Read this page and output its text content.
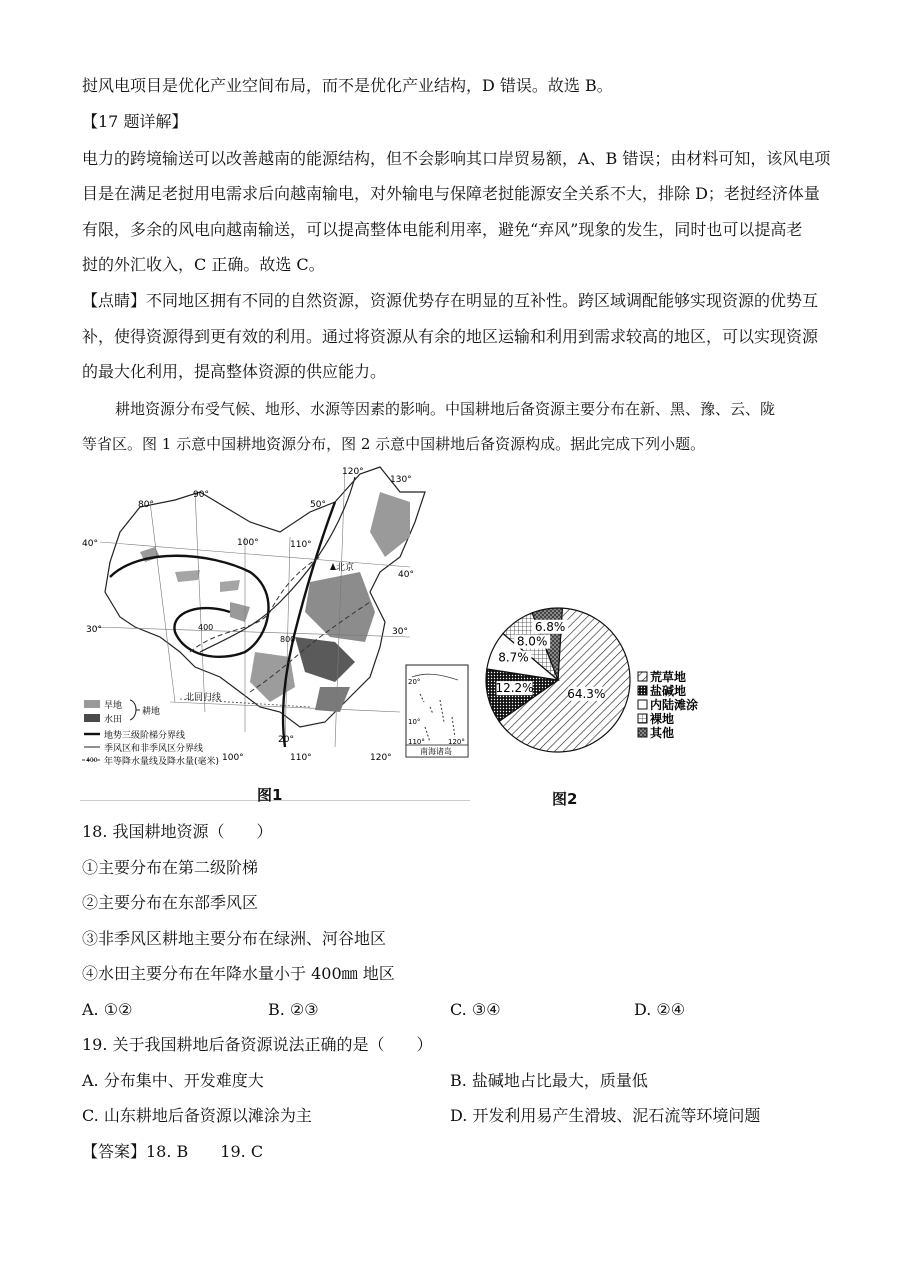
挝风电项目是优化产业空间布局，而不是优化产业结构，D 错误。故选 B。
【17 题详解】
电力的跨境输送可以改善越南的能源结构，但不会影响其口岸贸易额，A、B 错误；由材料可知，该风电项
目是在满足老挝用电需求后向越南输电，对外输电与保障老挝能源安全关系不大，排除 D；老挝经济体量
有限，多余的风电向越南输送，可以提高整体电能利用率，避免“弃风”现象的发生，同时也可以提高老
挝的外汇收入，C 正确。故选 C。
【点睛】不同地区拥有不同的自然资源，资源优势存在明显的互补性。跨区域调配能够实现资源的优势互
补，使得资源得到更有效的利用。通过将资源从有余的地区运输和利用到需求较高的地区，可以实现资源
的最大化利用，提高整体资源的供应能力。
耕地资源分布受气候、地形、水源等因素的影响。中国耕地后备资源主要分布在新、黑、豫、云、陇
等省区。图 1 示意中国耕地资源分布，图 2 示意中国耕地后备资源构成。据此完成下列小题。
80°
90°
100°	110°
120°
130°
100°	110°	120°
40°
30°
50°
40°
30°
20°
北京
北回归线
400
800
南海诸岛
20°
10°
110°	120°
旱地
水田
耕地
地势三级阶梯分界线
季风区和非季风区分界线
400 年等降水量线及降水量(毫米)
图1
64.3%
12.2%
8.7%
8.0%
6.8%
荒草地
盐碱地
内陆滩涂
裸地
其他
图2
18. 我国耕地资源（　　）
①主要分布在第二级阶梯
②主要分布在东部季风区
③非季风区耕地主要分布在绿洲、河谷地区
④水田主要分布在年降水量小于 400㎜ 地区
A. ①②	B. ②③	C. ③④	D. ②④
19. 关于我国耕地后备资源说法正确的是（　　）
A. 分布集中、开发难度大	B. 盐碱地占比最大，质量低
C. 山东耕地后备资源以滩涂为主	D. 开发利用易产生滑坡、泥石流等环境问题
【答案】18. B　　19. C
